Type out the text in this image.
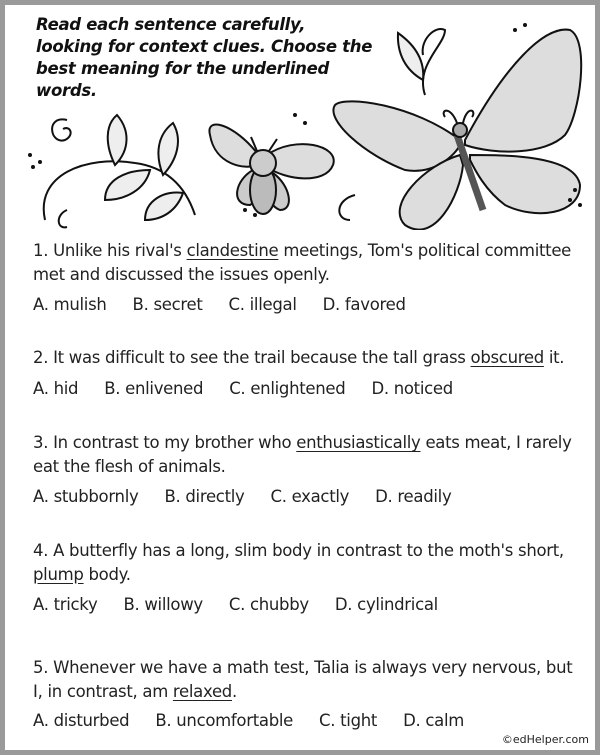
Read each sentence carefully, looking for context clues. Choose the best meaning for the underlined words.
1. Unlike his rival's clandestine meetings, Tom's political committee met and discussed the issues openly.
A. mulish B. secret C. illegal D. favored
2. It was difficult to see the trail because the tall grass obscured it.
A. hid B. enlivened C. enlightened D. noticed
3. In contrast to my brother who enthusiastically eats meat, I rarely eat the flesh of animals.
A. stubbornly B. directly C. exactly D. readily
4. A butterfly has a long, slim body in contrast to the moth's short, plump body.
A. tricky B. willowy C. chubby D. cylindrical
5. Whenever we have a math test, Talia is always very nervous, but I, in contrast, am relaxed.
A. disturbed B. uncomfortable C. tight D. calm
©edHelper.com
